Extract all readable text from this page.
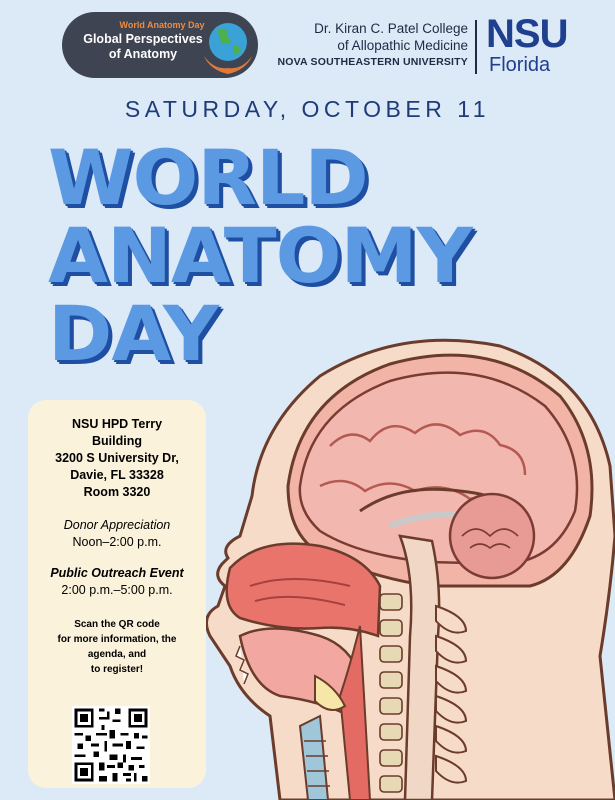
World Anatomy Day
Global Perspectives
of Anatomy
Dr. Kiran C. Patel College
of Allopathic Medicine
NOVA SOUTHEASTERN UNIVERSITY
NSU
Florida
SATURDAY, OCTOBER 11
WORLD
ANATOMY
DAY
NSU HPD Terry
Building
3200 S University Dr,
Davie, FL 33328
Room 3320
Donor Appreciation
Noon–2:00 p.m.
Public Outreach Event
2:00 p.m.–5:00 p.m.
Scan the QR code
for more information, the
agenda, and
to register!
